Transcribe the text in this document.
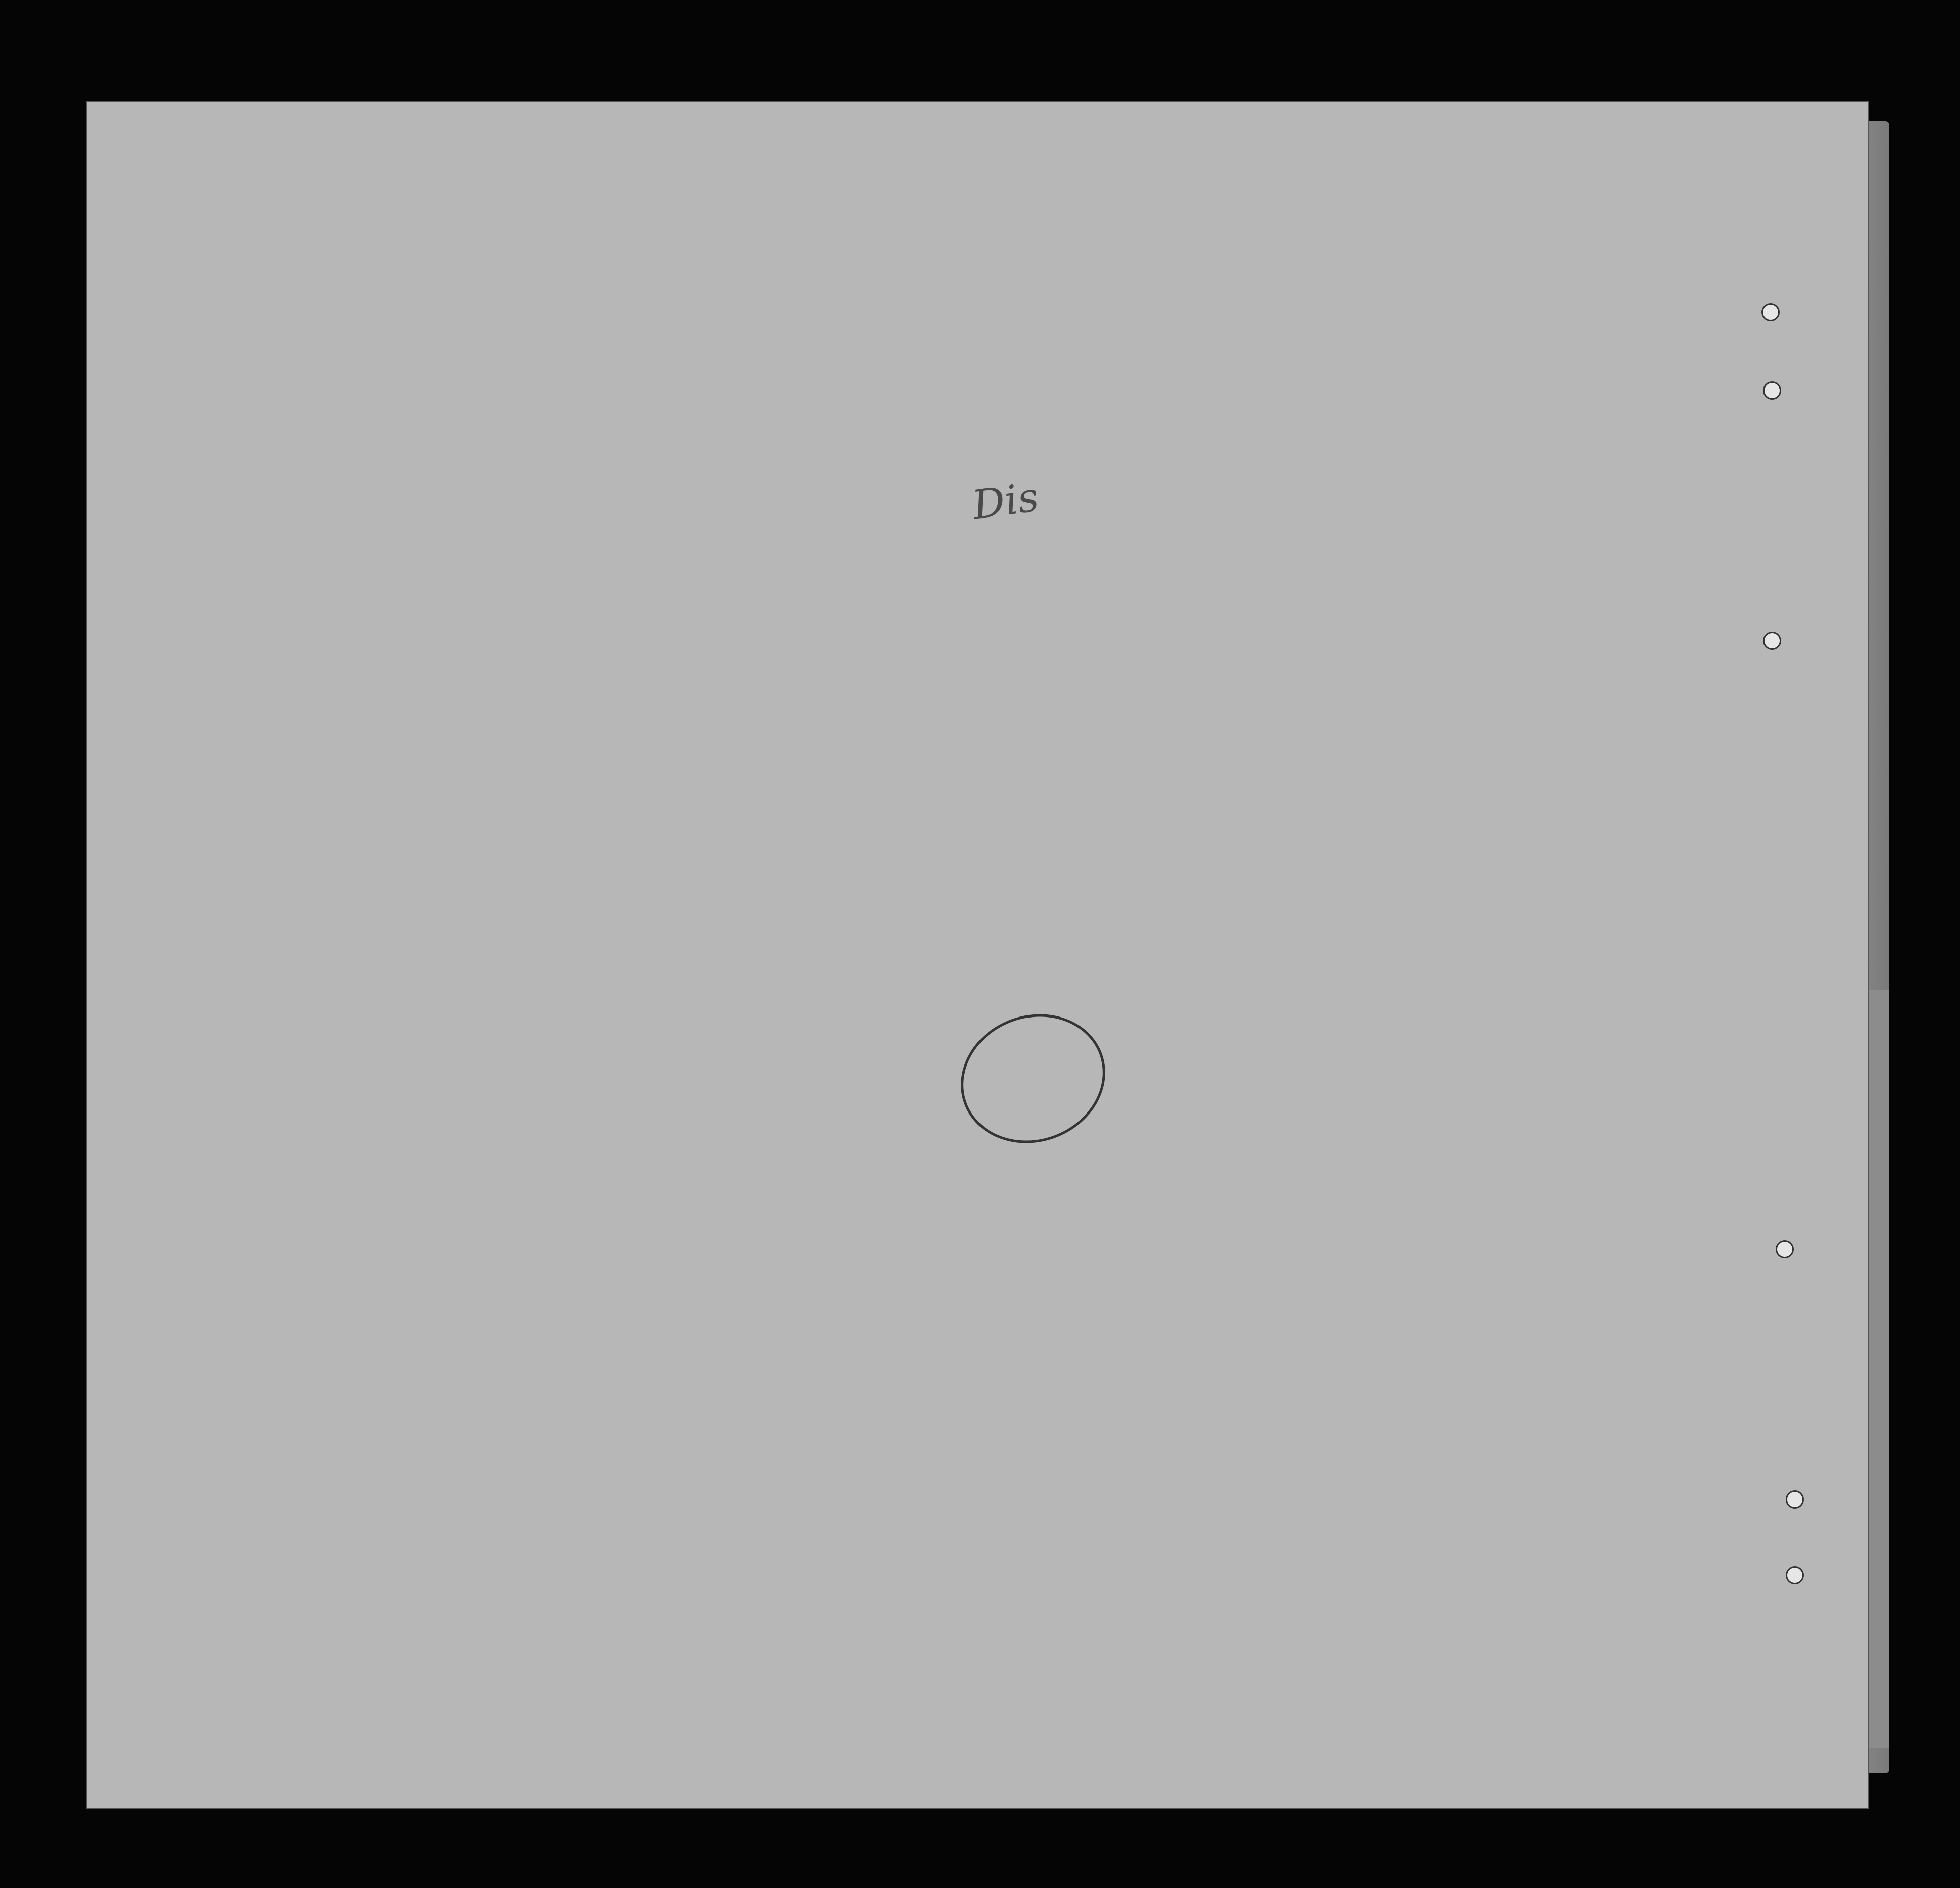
Dis
